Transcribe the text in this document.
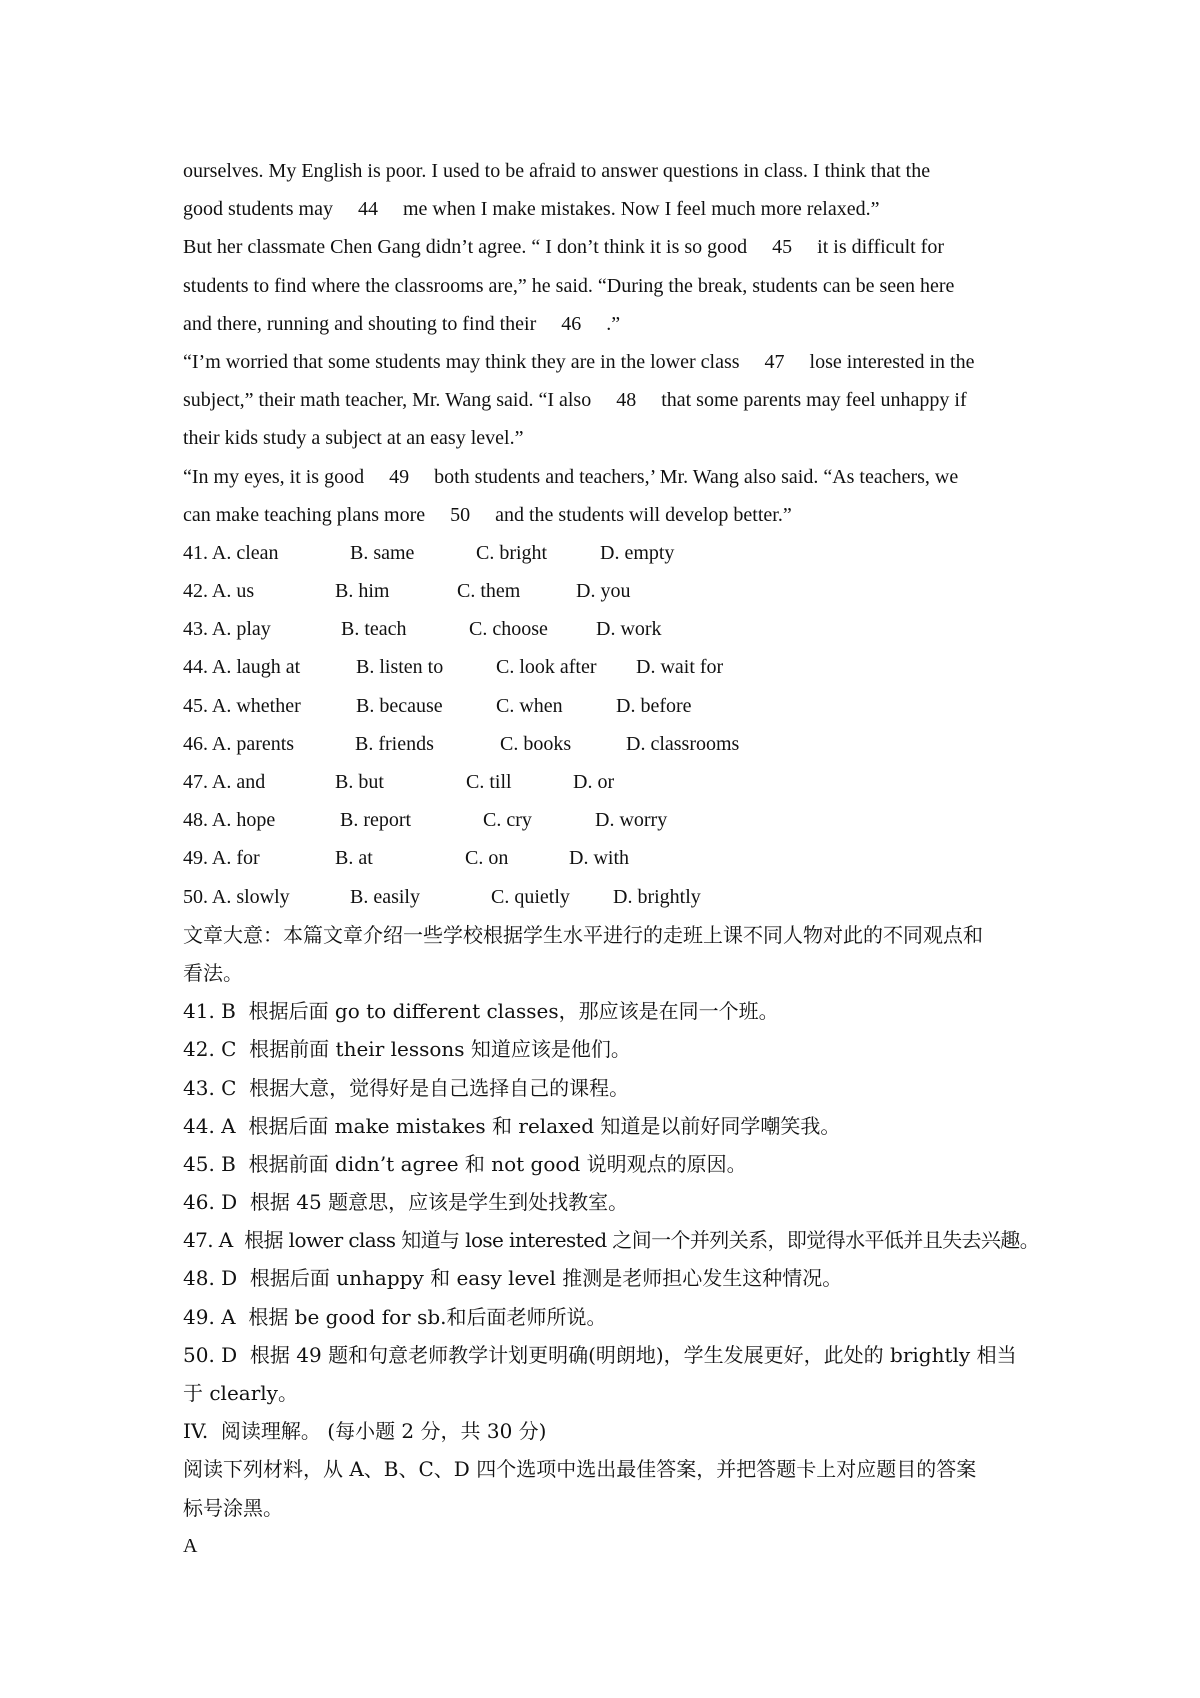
ourselves. My English is poor. I used to be afraid to answer questions in class. I think that the
good students may     44     me when I make mistakes. Now I feel much more relaxed.”
But her classmate Chen Gang didn’t agree. “ I don’t think it is so good     45     it is difficult for
students to find where the classrooms are,” he said. “During the break, students can be seen here
and there, running and shouting to find their     46     .”
“I’m worried that some students may think they are in the lower class     47     lose interested in the
subject,” their math teacher, Mr. Wang said. “I also     48     that some parents may feel unhappy if
their kids study a subject at an easy level.”
“In my eyes, it is good     49     both students and teachers,’ Mr. Wang also said. “As teachers, we
can make teaching plans more     50     and the students will develop better.”

41. A. clean

	B. same

	C. bright

	D. empty

42. A. us

	B. him

	C. them

	D. you

43. A. play

	B. teach

	C. choose

D. work

44. A. laugh at

	B. listen to

	C. look after

D. wait for

45. A. whether

	B. because

	C. when

	D. before

46. A. parents

	B. friends

	C. books

	D. classrooms

47. A. and

	B. but

	C. till

	D. or

48. A. hope

	B. report

	C. cry

	D. worry

49. A. for

	B. at

	C. on

	D. with

50. A. slowly

	B. easily

	C. quietly

D. brightly

文章大意：本篇文章介绍一些学校根据学生水平进行的走班上课不同人物对此的不同观点和
看法。
41. B  根据后面 go to different classes，那应该是在同一个班。
42. C  根据前面 their lessons 知道应该是他们。
43. C  根据大意，觉得好是自己选择自己的课程。
44. A  根据后面 make mistakes 和 relaxed 知道是以前好同学嘲笑我。
45. B  根据前面 didn’t agree 和 not good 说明观点的原因。
46. D  根据 45 题意思，应该是学生到处找教室。
47. A  根据 lower class 知道与 lose interested 之间一个并列关系，即觉得水平低并且失去兴趣。
48. D  根据后面 unhappy 和 easy level 推测是老师担心发生这种情况。
49. A  根据 be good for sb.和后面老师所说。
50. D  根据 49 题和句意老师教学计划更明确(明朗地)，学生发展更好，此处的 brightly 相当
于 clearly。
IV.  阅读理解。 (每小题 2 分，共 30 分)
阅读下列材料，从 A、B、C、D 四个选项中选出最佳答案，并把答题卡上对应题目的答案
标号涂黑。
A
